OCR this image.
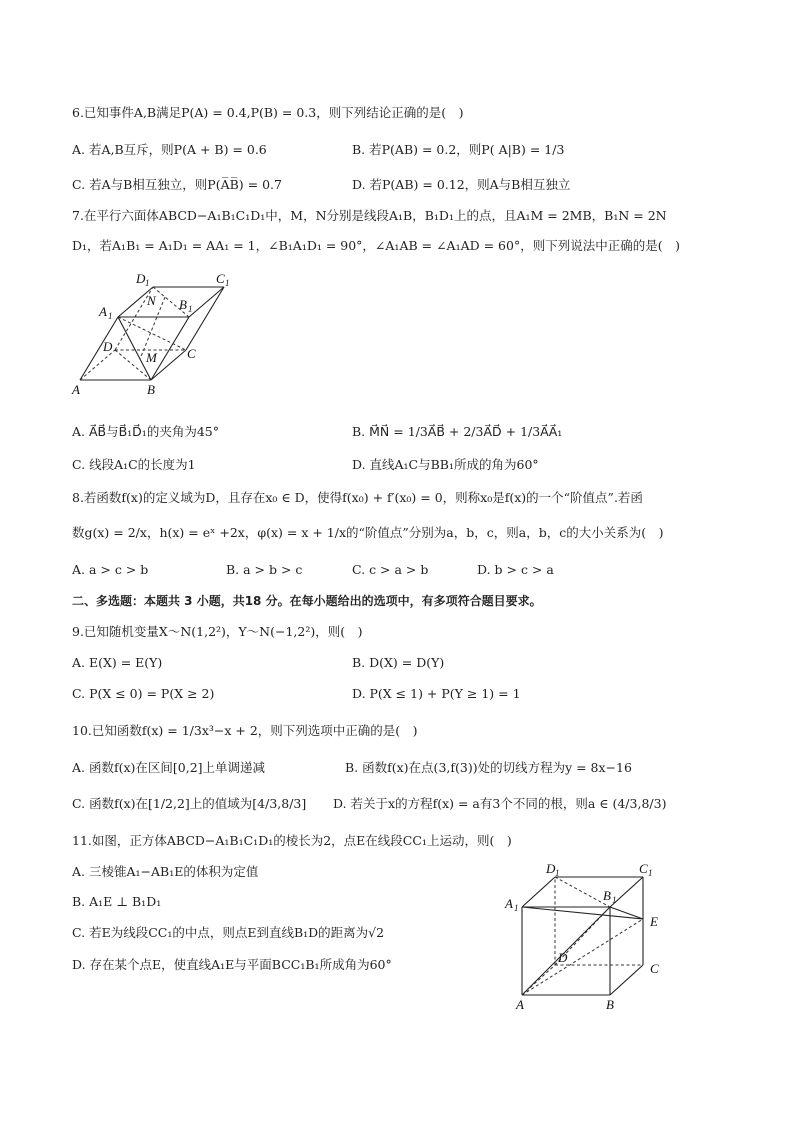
6.已知事件A,B满足P(A) = 0.4,P(B) = 0.3，则下列结论正确的是(　)
A. 若A,B互斥，则P(A + B) = 0.6	B. 若P(AB) = 0.2，则P( A|B) = 1/3
C. 若A与B相互独立，则P(A̅B̅) = 0.7	D. 若P(AB) = 0.12，则A与B相互独立
7.在平行六面体ABCD−A₁B₁C₁D₁中，M，N分别是线段A₁B，B₁D₁上的点，且A₁M = 2MB，B₁N = 2N
D₁，若A₁B₁ = A₁D₁ = AA₁ = 1，∠B₁A₁D₁ = 90°，∠A₁AB = ∠A₁AD = 60°，则下列说法中正确的是(　)
D 1	C 1
A 1
B 1
N
M
D	C
A	B
A. A⃗B⃗与B⃗₁D⃗₁的夹角为45°	B. M⃗N⃗ = 1/3A⃗B⃗ + 2/3A⃗D⃗ + 1/3A⃗A⃗₁
C. 线段A₁C的长度为1	D. 直线A₁C与BB₁所成的角为60°
8.若函数f(x)的定义域为D，且存在x₀ ∈ D，使得f(x₀) + f′(x₀) = 0，则称x₀是f(x)的一个“阶值点”.若函
数g(x) = 2/x，h(x) = eˣ +2x，φ(x) = x + 1/x的“阶值点”分别为a，b，c，则a，b，c的大小关系为(　)
A. a > c > b	B. a > b > c	C. c > a > b	D. b > c > a
二、多选题：本题共 3 小题，共18 分。在每小题给出的选项中，有多项符合题目要求。
9.已知随机变量X～N(1,2²)，Y～N(−1,2²)，则(　)
A. E(X) = E(Y)	B. D(X) = D(Y)
C. P(X ≤ 0) = P(X ≥ 2)	D. P(X ≤ 1) + P(Y ≥ 1) = 1
10.已知函数f(x) = 1/3x³−x + 2，则下列选项中正确的是(　)
A. 函数f(x)在区间[0,2]上单调递减	B. 函数f(x)在点(3,f(3))处的切线方程为y = 8x−16
C. 函数f(x)在[1/2,2]上的值域为[4/3,8/3] D. 若关于x的方程f(x) = a有3个不同的根，则a ∈ (4/3,8/3)
11.如图，正方体ABCD−A₁B₁C₁D₁的棱长为2，点E在线段CC₁上运动，则(　)
A. 三棱锥A₁−AB₁E的体积为定值
B. A₁E ⊥ B₁D₁
C. 若E为线段CC₁的中点，则点E到直线B₁D的距离为√2
D. 存在某个点E，使直线A₁E与平面BCC₁B₁所成角为60°
D 1	C 1
A 1
B 1
E
D
C
A	B
